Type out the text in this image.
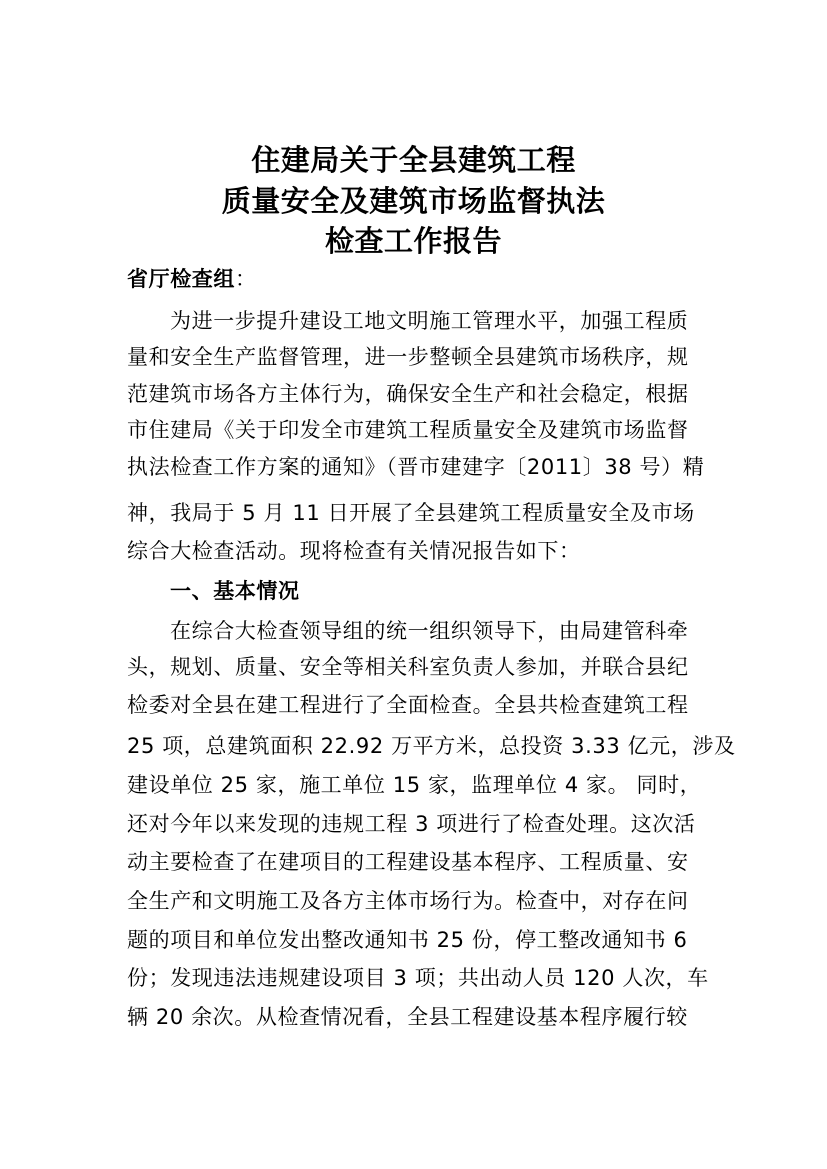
住建局关于全县建筑工程
质量安全及建筑市场监督执法
检查工作报告
省厅检查组：
为进一步提升建设工地文明施工管理水平，加强工程质
量和安全生产监督管理，进一步整顿全县建筑市场秩序，规
范建筑市场各方主体行为，确保安全生产和社会稳定，根据
市住建局《关于印发全市建筑工程质量安全及建筑市场监督
执法检查工作方案的通知》（晋市建建字〔2011〕38 号）精
神，我局于 5 月 11 日开展了全县建筑工程质量安全及市场
综合大检查活动。现将检查有关情况报告如下：
一、基本情况
在综合大检查领导组的统一组织领导下，由局建管科牵
头，规划、质量、安全等相关科室负责人参加，并联合县纪
检委对全县在建工程进行了全面检查。全县共检查建筑工程
25 项，总建筑面积 22.92 万平方米，总投资 3.33 亿元，涉及
建设单位 25 家，施工单位 15 家，监理单位 4 家。 同时，
还对今年以来发现的违规工程 3 项进行了检查处理。这次活
动主要检查了在建项目的工程建设基本程序、工程质量、安
全生产和文明施工及各方主体市场行为。检查中，对存在问
题的项目和单位发出整改通知书 25 份，停工整改通知书 6
份；发现违法违规建设项目 3 项；共出动人员 120 人次，车
辆 20 余次。从检查情况看，全县工程建设基本程序履行较
